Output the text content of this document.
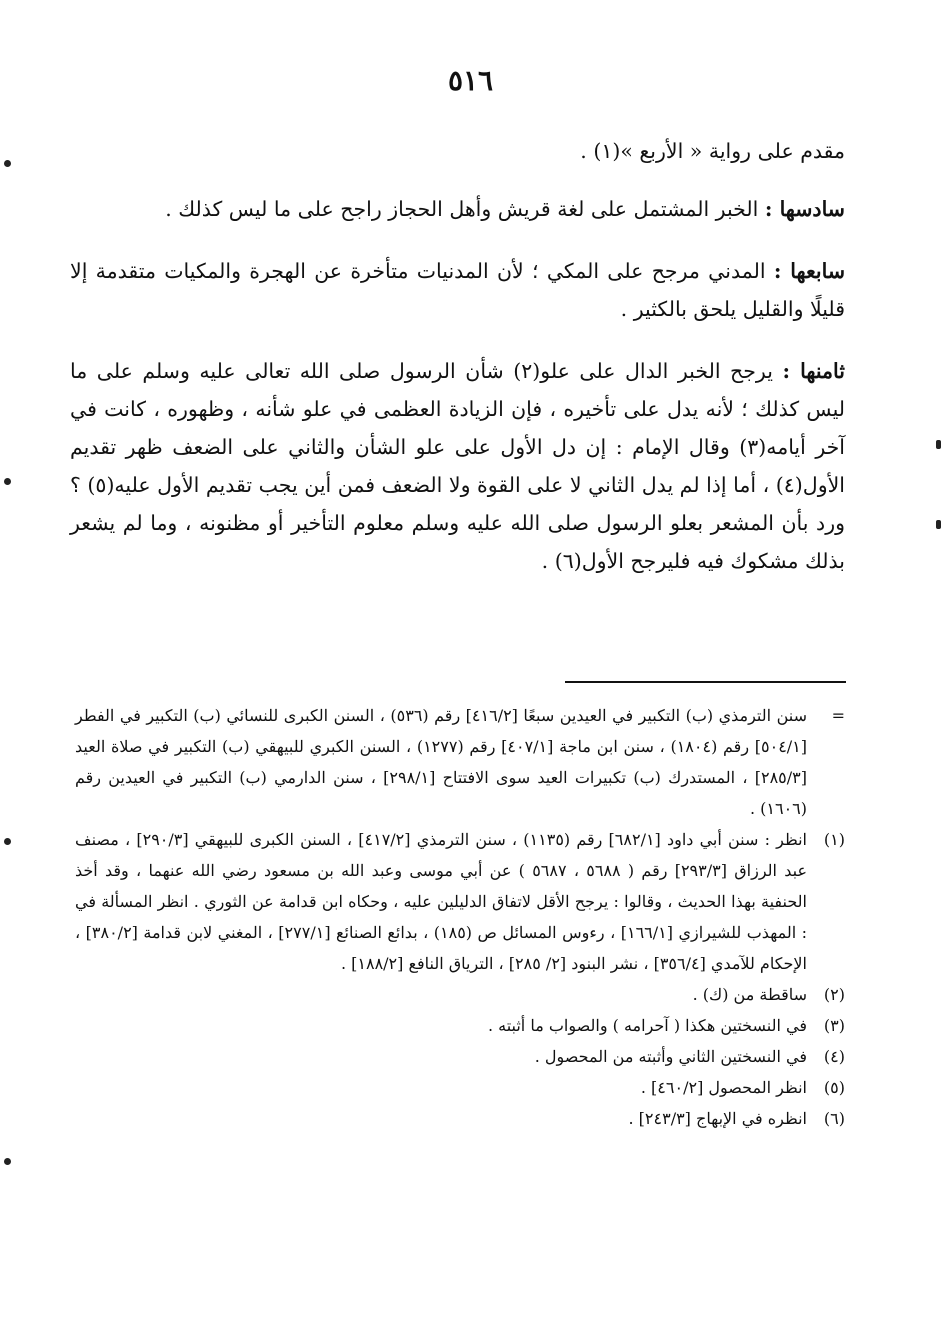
٥١٦

مقدم على رواية « الأربع »(١) .

سادسها : الخبر المشتمل على لغة قريش وأهل الحجاز راجح على ما ليس كذلك .

سابعها : المدني مرجح على المكي ؛ لأن المدنيات متأخرة عن الهجرة والمكيات متقدمة إلا قليلًا والقليل يلحق بالكثير .

ثامنها : يرجح الخبر الدال على علو(٢) شأن الرسول صلى الله تعالى عليه وسلم على ما ليس كذلك ؛ لأنه يدل على تأخيره ، فإن الزيادة العظمى في علو شأنه ، وظهوره ، كانت في آخر أيامه(٣) وقال الإمام : إن دل الأول على علو الشأن والثاني على الضعف ظهر تقديم الأول(٤) ، أما إذا لم يدل الثاني لا على القوة ولا الضعف فمن أين يجب تقديم الأول عليه(٥) ؟ ورد بأن المشعر بعلو الرسول صلى الله عليه وسلم معلوم التأخير أو مظنونه ، وما لم يشعر بذلك مشكوك فيه فليرجح الأول(٦) .

=
سنن الترمذي (ب) التكبير في العيدين سبعًا [٤١٦/٢] رقم (٥٣٦) ، السنن الكبرى للنسائي (ب) التكبير في الفطر [٥٠٤/١] رقم (١٨٠٤) ، سنن ابن ماجة [٤٠٧/١] رقم (١٢٧٧) ، السنن الكبري للبيهقي (ب) التكبير في صلاة العيد [٢٨٥/٣] ، المستدرك (ب) تكبيرات العيد سوى الافتتاح [٢٩٨/١] ، سنن الدارمي (ب) التكبير في العيدين رقم (١٦٠٦) .
(١)
انظر : سنن أبي داود [٦٨٢/١] رقم (١١٣٥) ، سنن الترمذي [٤١٧/٢] ، السنن الكبرى للبيهقي [٢٩٠/٣] ، مصنف عبد الرزاق [٢٩٣/٣] رقم ( ٥٦٨٨ ، ٥٦٨٧ ) عن أبي موسى وعبد الله بن مسعود رضي الله عنهما ، وقد أخذ الحنفية بهذا الحديث ، وقالوا : يرجح الأقل لاتفاق الدليلين عليه ، وحكاه ابن قدامة عن الثوري . انظر المسألة في : المهذب للشيرازي [١٦٦/١] ، رءوس المسائل ص (١٨٥) ، بدائع الصنائع [٢٧٧/١] ، المغني لابن قدامة [٣٨٠/٢] ، الإحكام للآمدي [٣٥٦/٤] ، نشر البنود [٢/ ٢٨٥] ، الترياق النافع [١٨٨/٢] .
(٢)
ساقطة من (ك) .
(٣)
في النسختين هكذا ( آحرامه ) والصواب ما أثبته .
(٤)
في النسختين الثاني وأثبته من المحصول .
(٥)
انظر المحصول [٤٦٠/٢] .
(٦)
انظره في الإبهاج [٢٤٣/٣] .
